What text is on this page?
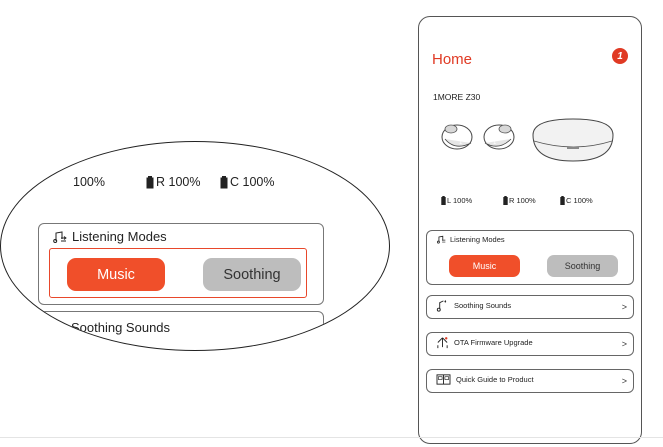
100%	R 100% C 100%
Listening Modes
Music	Soothing
Soothing Sounds
Home	1
1MORE Z30
1	1
L 100%	R 100%	C 100%
Listening Modes
Music	Soothing
Soothing Sounds	>
OTA Firmware Upgrade	>
Quick Guide to Product	>
